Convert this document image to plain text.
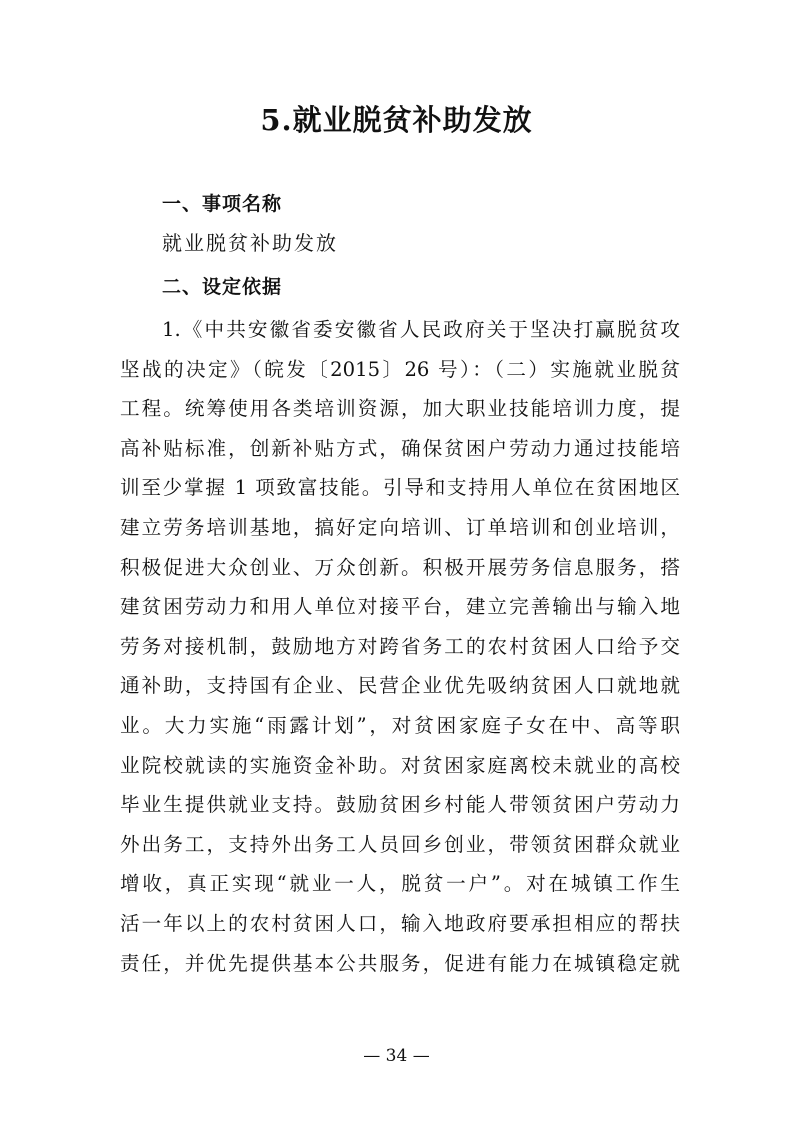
5.就业脱贫补助发放
一、事项名称

就业脱贫补助发放

二、设定依据
1.《中共安徽省委安徽省人民政府关于坚决打赢脱贫攻
坚战的决定》（皖发〔2015〕26 号）：（二）实施就业脱贫
工程。统筹使用各类培训资源，加大职业技能培训力度，提
高补贴标准，创新补贴方式，确保贫困户劳动力通过技能培
训至少掌握 1 项致富技能。引导和支持用人单位在贫困地区
建立劳务培训基地，搞好定向培训、订单培训和创业培训，
积极促进大众创业、万众创新。积极开展劳务信息服务，搭
建贫困劳动力和用人单位对接平台，建立完善输出与输入地
劳务对接机制，鼓励地方对跨省务工的农村贫困人口给予交
通补助，支持国有企业、民营企业优先吸纳贫困人口就地就
业。大力实施“雨露计划”，对贫困家庭子女在中、高等职
业院校就读的实施资金补助。对贫困家庭离校未就业的高校
毕业生提供就业支持。鼓励贫困乡村能人带领贫困户劳动力
外出务工，支持外出务工人员回乡创业，带领贫困群众就业
增收，真正实现“就业一人，脱贫一户”。对在城镇工作生
活一年以上的农村贫困人口，输入地政府要承担相应的帮扶
责任，并优先提供基本公共服务，促进有能力在城镇稳定就

— 34 —
